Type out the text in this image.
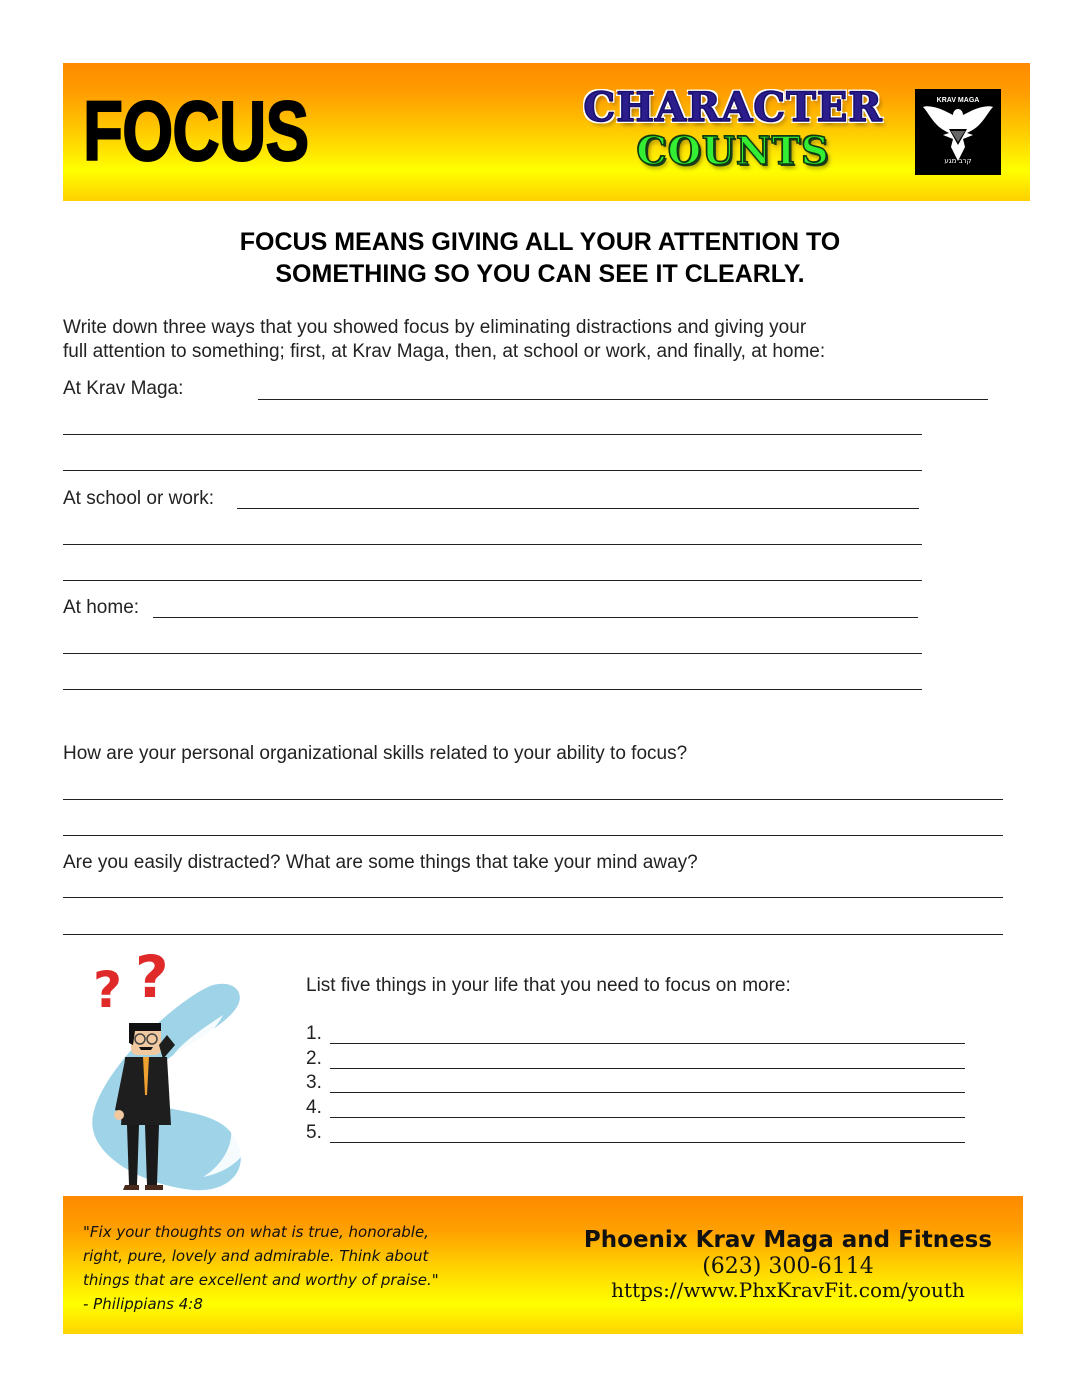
FOCUS	CHARACTER
COUNTS
KRAV MAGA
קרב מגע
FOCUS MEANS GIVING ALL YOUR ATTENTION TO
SOMETHING SO YOU CAN SEE IT CLEARLY.
Write down three ways that you showed focus by eliminating distractions and giving your
full attention to something; first, at Krav Maga, then, at school or work, and finally, at home:
At Krav Maga:
At school or work:
At home:
How are your personal organizational skills related to your ability to focus?
Are you easily distracted? What are some things that take your mind away?
? ?	List five things in your life that you need to focus on more:
1.
2.
3.
4.
5.
"Fix your thoughts on what is true, honorable,
right, pure, lovely and admirable. Think about
things that are excellent and worthy of praise."
- Philippians 4:8
Phoenix Krav Maga and Fitness
(623) 300-6114
https://www.PhxKravFit.com/youth
